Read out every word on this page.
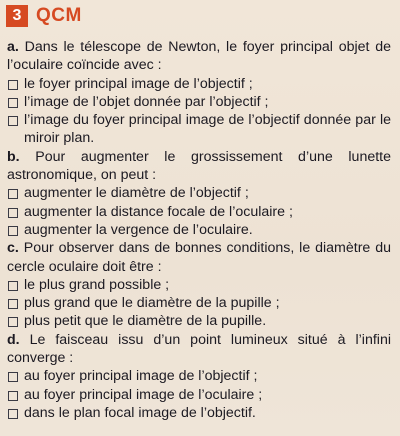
3 QCM
a. Dans le télescope de Newton, le foyer principal objet de l’oculaire coïncide avec :
le foyer principal image de l’objectif ;
l’image de l’objet donnée par l’objectif ;
l’image du foyer principal image de l’objectif donnée par le miroir plan.
b. Pour augmenter le grossissement d’une lunette astronomique, on peut :
augmenter le diamètre de l’objectif ;
augmenter la distance focale de l’oculaire ;
augmenter la vergence de l’oculaire.
c. Pour observer dans de bonnes conditions, le diamètre du cercle oculaire doit être :
le plus grand possible ;
plus grand que le diamètre de la pupille ;
plus petit que le diamètre de la pupille.
d. Le faisceau issu d’un point lumineux situé à l’infini converge :
au foyer principal image de l’objectif ;
au foyer principal image de l’oculaire ;
dans le plan focal image de l’objectif.
